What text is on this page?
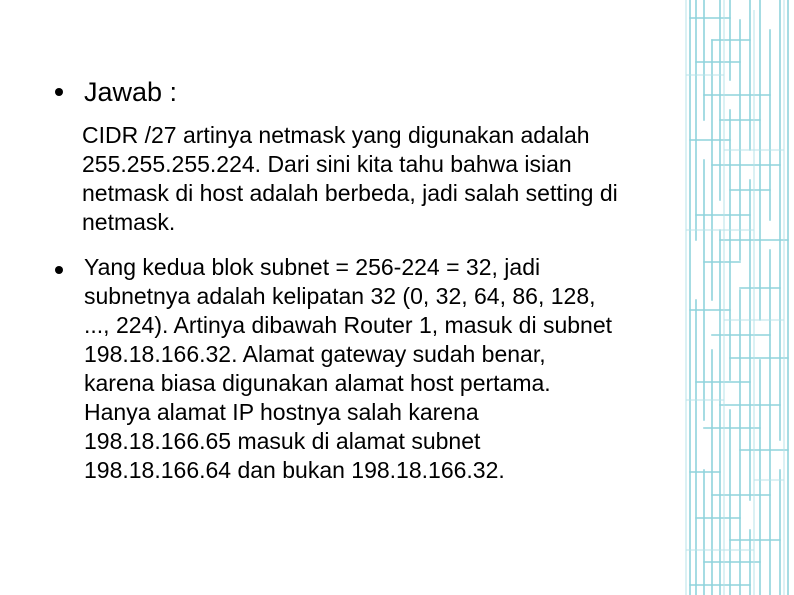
Jawab :
CIDR /27 artinya netmask yang digunakan adalah
255.255.255.224. Dari sini kita tahu bahwa isian
netmask di host adalah berbeda, jadi salah setting di
netmask.
Yang kedua blok subnet = 256-224 = 32, jadi
subnetnya adalah kelipatan 32 (0, 32, 64, 86, 128,
..., 224). Artinya dibawah Router 1, masuk di subnet
198.18.166.32. Alamat gateway sudah benar,
karena biasa digunakan alamat host pertama.
Hanya alamat IP hostnya salah karena
198.18.166.65 masuk di alamat subnet
198.18.166.64 dan bukan 198.18.166.32.
